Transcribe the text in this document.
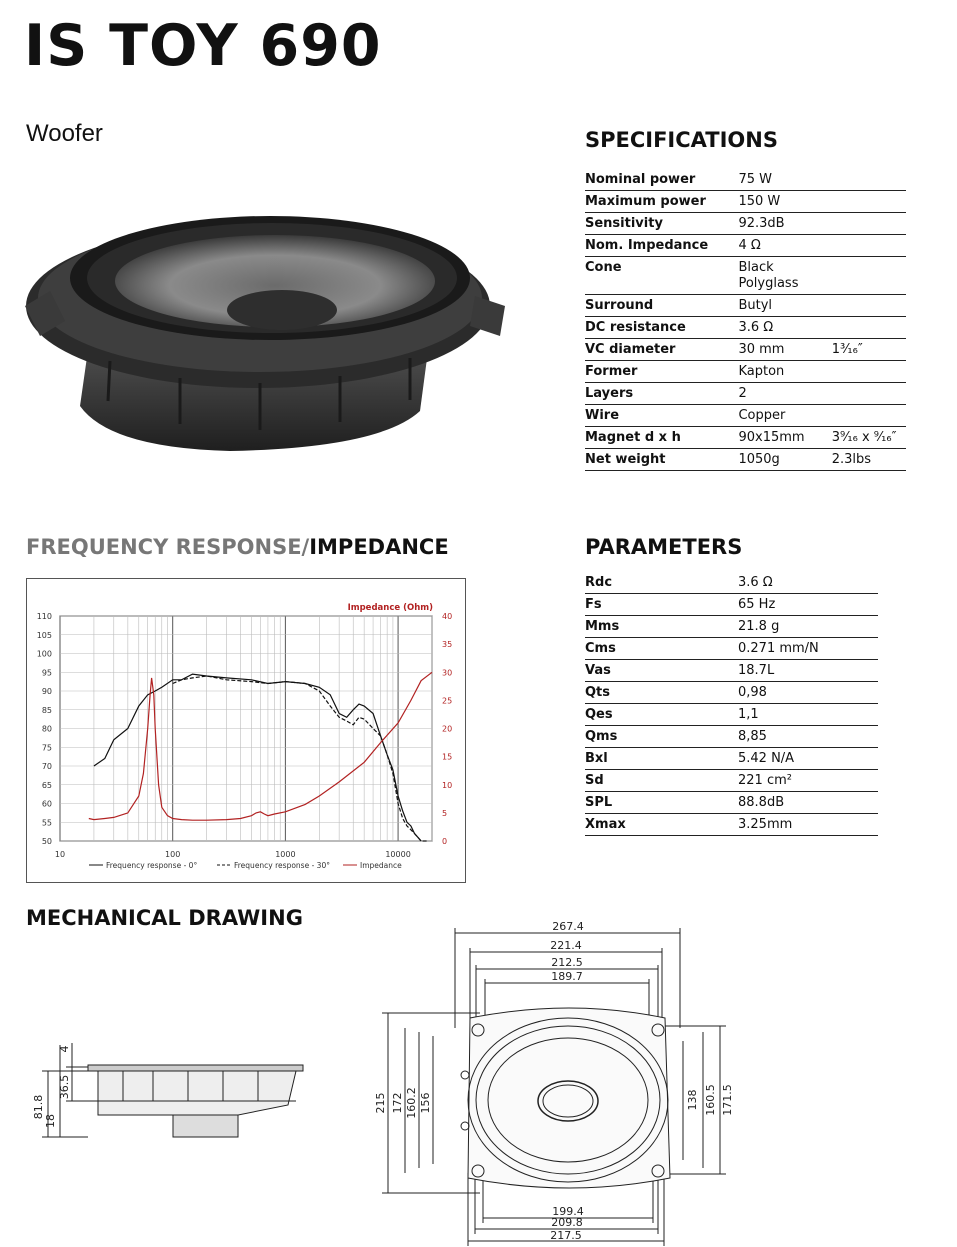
IS TOY 690
Woofer	SPECIFICATIONS
Nominal power	75 W	
Maximum power	150 W	
Sensitivity	92.3dB	
Nom. Impedance	4 Ω	
Cone	Black
Polyglass	
Surround	Butyl	
DC resistance	3.6 Ω	
VC diameter	30 mm	1³⁄₁₆″
Former	Kapton	
Layers	2	
Wire	Copper	
Magnet d x h	90x15mm	3⁹⁄₁₆ x ⁹⁄₁₆″
Net weight	1050g	2.3lbs
PARAMETERS
Rdc	3.6 Ω
Fs	65 Hz
Mms	21.8 g
Cms	0.271 mm/N
Vas	18.7L
Qts	0,98
Qes	1,1
Qms	8,85
Bxl	5.42 N/A
Sd	221 cm²
SPL	88.8dB
Xmax	3.25mm
FREQUENCY RESPONSE/IMPEDANCE
50
55
60
65
70
75
80
85
90
95
100
105
110
0
5
10
15
20
25
30
35
40
10	100	1000	10000
Impedance (Ohm)
Frequency response - 0°	Frequency response - 30°	Impedance
MECHANICAL DRAWING
81.8
18
36.5
4
267.4
221.4
212.5
189.7
199.4
209.8
217.5
215 172 160.2 156	138 160.5 171.5
